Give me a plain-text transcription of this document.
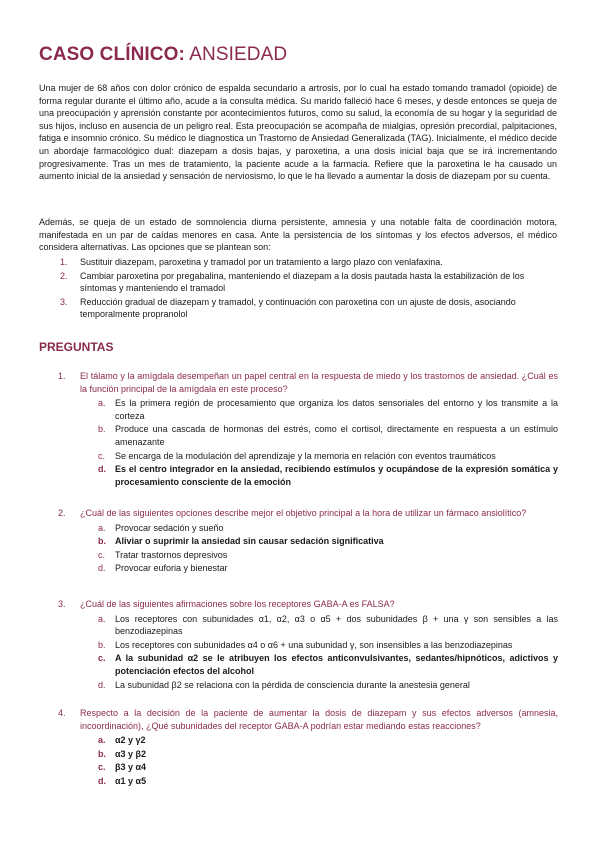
CASO CLÍNICO: ANSIEDAD

Una mujer de 68 años con dolor crónico de espalda secundario a artrosis, por lo cual ha estado tomando tramadol (opioide) de forma regular durante el último año, acude a la consulta médica. Su marido falleció hace 6 meses, y desde entonces se queja de una preocupación y aprensión constante por acontecimientos futuros, como su salud, la economía de su hogar y la seguridad de sus hijos, incluso en ausencia de un peligro real. Esta preocupación se acompaña de mialgias, opresión precordial, palpitaciones, fatiga e insomnio crónico. Su médico le diagnostica un Trastorno de Ansiedad Generalizada (TAG). Inicialmente, el médico decide un abordaje farmacológico dual: diazepam a dosis bajas, y paroxetina, a una dosis inicial baja que se irá incrementando progresivamente. Tras un mes de tratamiento, la paciente acude a la farmacia. Refiere que la paroxetina le ha causado un aumento inicial de la ansiedad y sensación de nerviosismo, lo que le ha llevado a aumentar la dosis de diazepam por su cuenta.

Además, se queja de un estado de somnolencia diurna persistente, amnesia y una notable falta de coordinación motora, manifestada en un par de caídas menores en casa. Ante la persistencia de los síntomas y los efectos adversos, el médico considera alternativas. Las opciones que se plantean son:

1. Sustituir diazepam, paroxetina y tramadol por un tratamiento a largo plazo con venlafaxina.
2. Cambiar paroxetina por pregabalina, manteniendo el diazepam a la dosis pautada hasta la estabilización de los síntomas y manteniendo el tramadol
3. Reducción gradual de diazepam y tramadol, y continuación con paroxetina con un ajuste de dosis, asociando temporalmente propranolol
PREGUNTAS
1. El tálamo y la amígdala desempeñan un papel central en la respuesta de miedo y los trastornos de ansiedad. ¿Cuál es la función principal de la amígdala en este proceso?
a. Es la primera región de procesamiento que organiza los datos sensoriales del entorno y los transmite a la corteza
b. Produce una cascada de hormonas del estrés, como el cortisol, directamente en respuesta a un estímulo amenazante
c. Se encarga de la modulación del aprendizaje y la memoria en relación con eventos traumáticos
d. Es el centro integrador en la ansiedad, recibiendo estímulos y ocupándose de la expresión somática y procesamiento consciente de la emoción
2. ¿Cuál de las siguientes opciones describe mejor el objetivo principal a la hora de utilizar un fármaco ansiolítico?
a. Provocar sedación y sueño
b. Aliviar o suprimir la ansiedad sin causar sedación significativa
c. Tratar trastornos depresivos
d. Provocar euforia y bienestar
3. ¿Cuál de las siguientes afirmaciones sobre los receptores GABA-A es FALSA?
a. Los receptores con subunidades α1, α2, α3 o α5 + dos subunidades β + una γ son sensibles a las benzodiazepinas
b. Los receptores con subunidades α4 o α6 + una subunidad γ, son insensibles a las benzodiazepinas
c. A la subunidad α2 se le atribuyen los efectos anticonvulsivantes, sedantes/hipnóticos, adictivos y potenciación efectos del alcohol
d. La subunidad β2 se relaciona con la pérdida de consciencia durante la anestesia general
4. Respecto a la decisión de la paciente de aumentar la dosis de diazepam y sus efectos adversos (amnesia, incoordinación), ¿Qué subunidades del receptor GABA-A podrían estar mediando estas reacciones?
a. α2 y γ2
b. α3 y β2
c. β3 y α4
d. α1 y α5
